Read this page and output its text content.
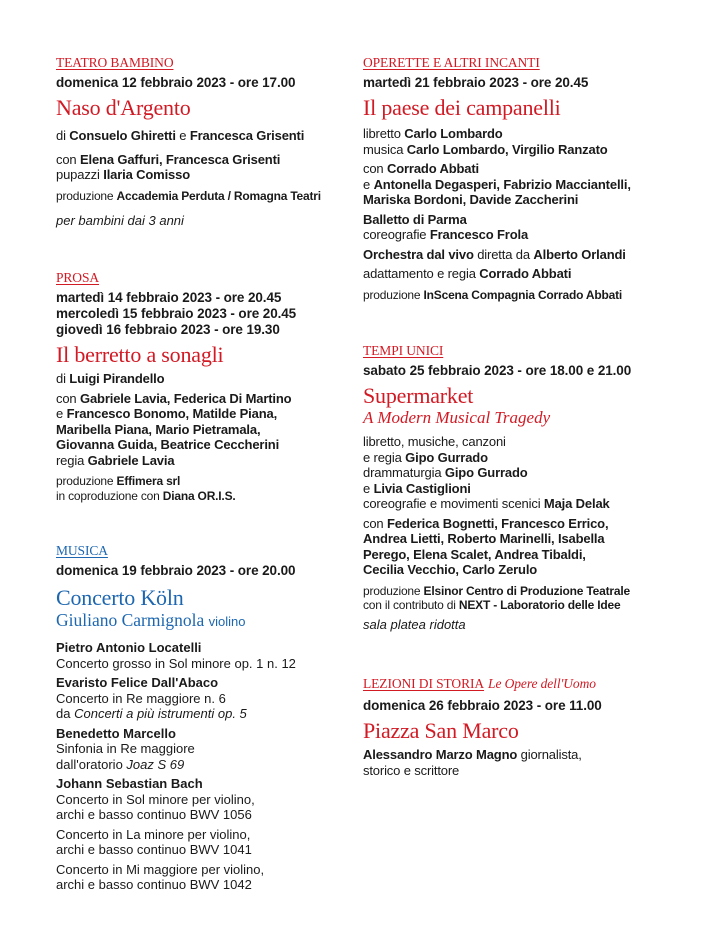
TEATRO BAMBINO
domenica 12 febbraio 2023 - ore 17.00
Naso d'Argento
di Consuelo Ghiretti e Francesca Grisenti
con Elena Gaffuri, Francesca Grisenti
pupazzi Ilaria Comisso
produzione Accademia Perduta / Romagna Teatri
per bambini dai 3 anni
PROSA
martedì 14 febbraio 2023 - ore 20.45
mercoledì 15 febbraio 2023 - ore 20.45
giovedì 16 febbraio 2023 - ore 19.30
Il berretto a sonagli
di Luigi Pirandello
con Gabriele Lavia, Federica Di Martino
e Francesco Bonomo, Matilde Piana,
Maribella Piana, Mario Pietramala,
Giovanna Guida, Beatrice Ceccherini
regia Gabriele Lavia
produzione Effimera srl
in coproduzione con Diana OR.I.S.
MUSICA
domenica 19 febbraio 2023 - ore 20.00
Concerto Köln
Giuliano Carmignola violino
Pietro Antonio Locatelli
Concerto grosso in Sol minore op. 1 n. 12
Evaristo Felice Dall'Abaco
Concerto in Re maggiore n. 6
da Concerti a più istrumenti op. 5
Benedetto Marcello
Sinfonia in Re maggiore
dall'oratorio Joaz S 69
Johann Sebastian Bach
Concerto in Sol minore per violino,
archi e basso continuo BWV 1056
Concerto in La minore per violino,
archi e basso continuo BWV 1041
Concerto in Mi maggiore per violino,
archi e basso continuo BWV 1042
OPERETTE E ALTRI INCANTI
martedì 21 febbraio 2023 - ore 20.45
Il paese dei campanelli
libretto Carlo Lombardo
musica Carlo Lombardo, Virgilio Ranzato
con Corrado Abbati
e Antonella Degasperi, Fabrizio Macciantelli,
Mariska Bordoni, Davide Zaccherini
Balletto di Parma
coreografie Francesco Frola
Orchestra dal vivo diretta da Alberto Orlandi
adattamento e regia Corrado Abbati
produzione InScena Compagnia Corrado Abbati
TEMPI UNICI
sabato 25 febbraio 2023 - ore 18.00 e 21.00
Supermarket
A Modern Musical Tragedy
libretto, musiche, canzoni
e regia Gipo Gurrado
drammaturgia Gipo Gurrado
e Livia Castiglioni
coreografie e movimenti scenici Maja Delak
con Federica Bognetti, Francesco Errico,
Andrea Lietti, Roberto Marinelli, Isabella
Perego, Elena Scalet, Andrea Tibaldi,
Cecilia Vecchio, Carlo Zerulo
produzione Elsinor Centro di Produzione Teatrale
con il contributo di NEXT - Laboratorio delle Idee
sala platea ridotta
LEZIONI DI STORIA Le Opere dell'Uomo
domenica 26 febbraio 2023 - ore 11.00
Piazza San Marco
Alessandro Marzo Magno giornalista,
storico e scrittore
